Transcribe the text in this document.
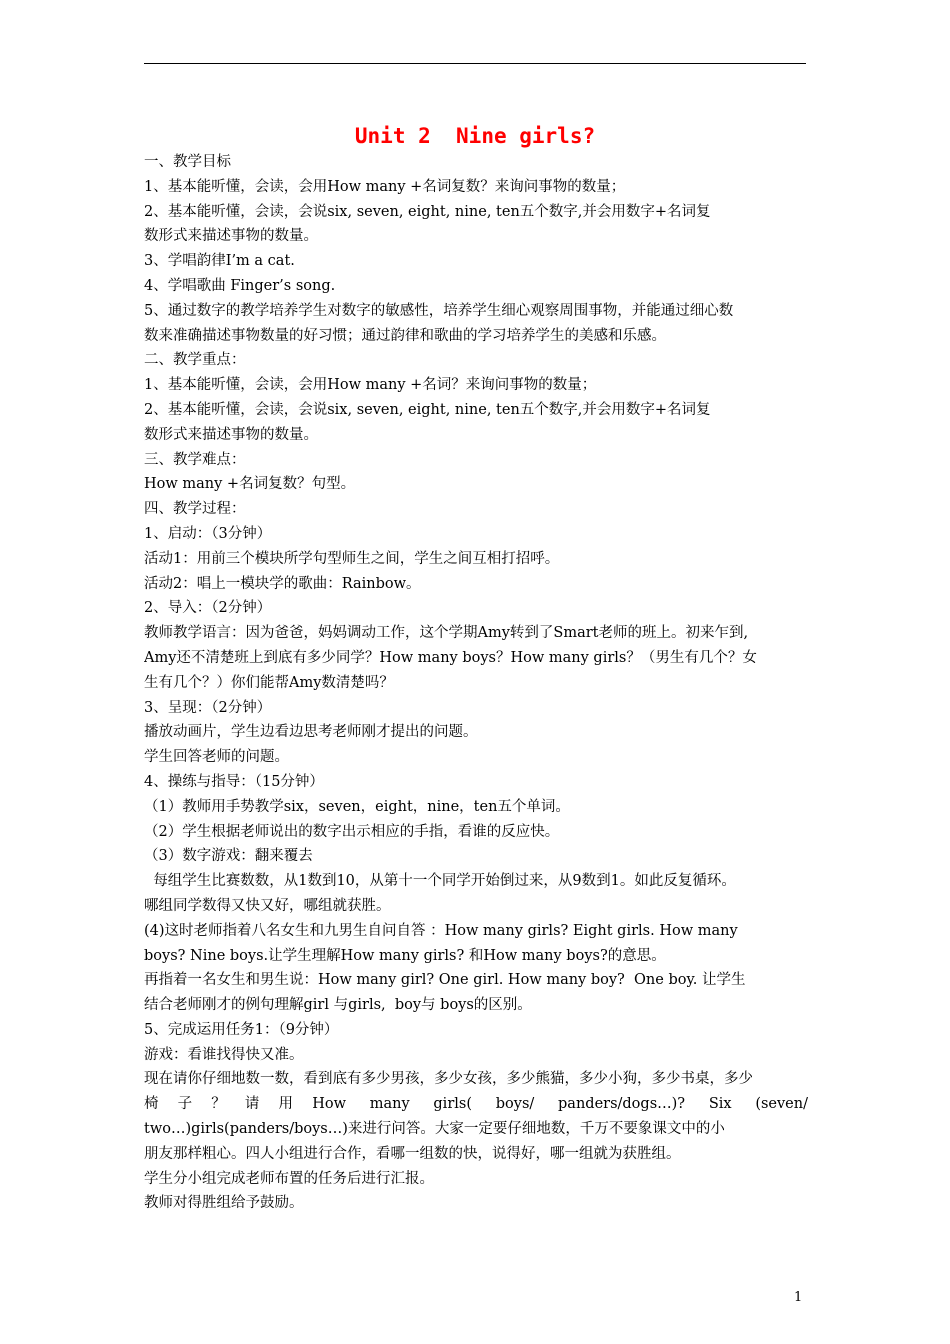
Unit 2  Nine girls?
一、教学目标
1、基本能听懂，会读，会用How many +名词复数？来询问事物的数量；
2、基本能听懂，会读，会说six, seven, eight, nine, ten五个数字,并会用数字+名词复
数形式来描述事物的数量。
3、学唱韵律I’m a cat.
4、学唱歌曲 Finger’s song.
5、通过数字的教学培养学生对数字的敏感性，培养学生细心观察周围事物，并能通过细心数
数来准确描述事物数量的好习惯；通过韵律和歌曲的学习培养学生的美感和乐感。
二、教学重点：
1、基本能听懂，会读，会用How many +名词？来询问事物的数量；
2、基本能听懂，会读，会说six, seven, eight, nine, ten五个数字,并会用数字+名词复
数形式来描述事物的数量。
三、教学难点：
How many +名词复数？句型。
四、教学过程：
1、启动：（3分钟）
活动1：用前三个模块所学句型师生之间，学生之间互相打招呼。
活动2：唱上一模块学的歌曲：Rainbow。
2、导入：（2分钟）
教师教学语言：因为爸爸，妈妈调动工作，这个学期Amy转到了Smart老师的班上。初来乍到,
Amy还不清楚班上到底有多少同学？How many boys？How many girls？（男生有几个？女
生有几个？）你们能帮Amy数清楚吗？
3、呈现：（2分钟）
播放动画片，学生边看边思考老师刚才提出的问题。
学生回答老师的问题。
4、操练与指导：（15分钟）
（1）教师用手势教学six，seven，eight，nine，ten五个单词。
（2）学生根据老师说出的数字出示相应的手指，看谁的反应快。
（3）数字游戏：翻来覆去
每组学生比赛数数，从1数到10，从第十一个同学开始倒过来，从9数到1。如此反复循环。
哪组同学数得又快又好，哪组就获胜。
(4)这时老师指着八名女生和九男生自问自答 ：How many girls? Eight girls. How many
boys? Nine boys.让学生理解How many girls? 和How many boys?的意思。
再指着一名女生和男生说：How many girl? One girl. How many boy?  One boy. 让学生
结合老师刚才的例句理解girl 与girls,  boy与 boys的区别。
5、完成运用任务1：（9分钟）
游戏：看谁找得快又准。
现在请你仔细地数一数，看到底有多少男孩，多少女孩，多少熊猫，多少小狗，多少书桌，多少
椅子？请用How many girls( boys/ panders/dogs…)? Six (seven/
two…)girls(panders/boys…)来进行问答。大家一定要仔细地数，千万不要象课文中的小
朋友那样粗心。四人小组进行合作，看哪一组数的快，说得好，哪一组就为获胜组。
学生分小组完成老师布置的任务后进行汇报。
教师对得胜组给予鼓励。
1
